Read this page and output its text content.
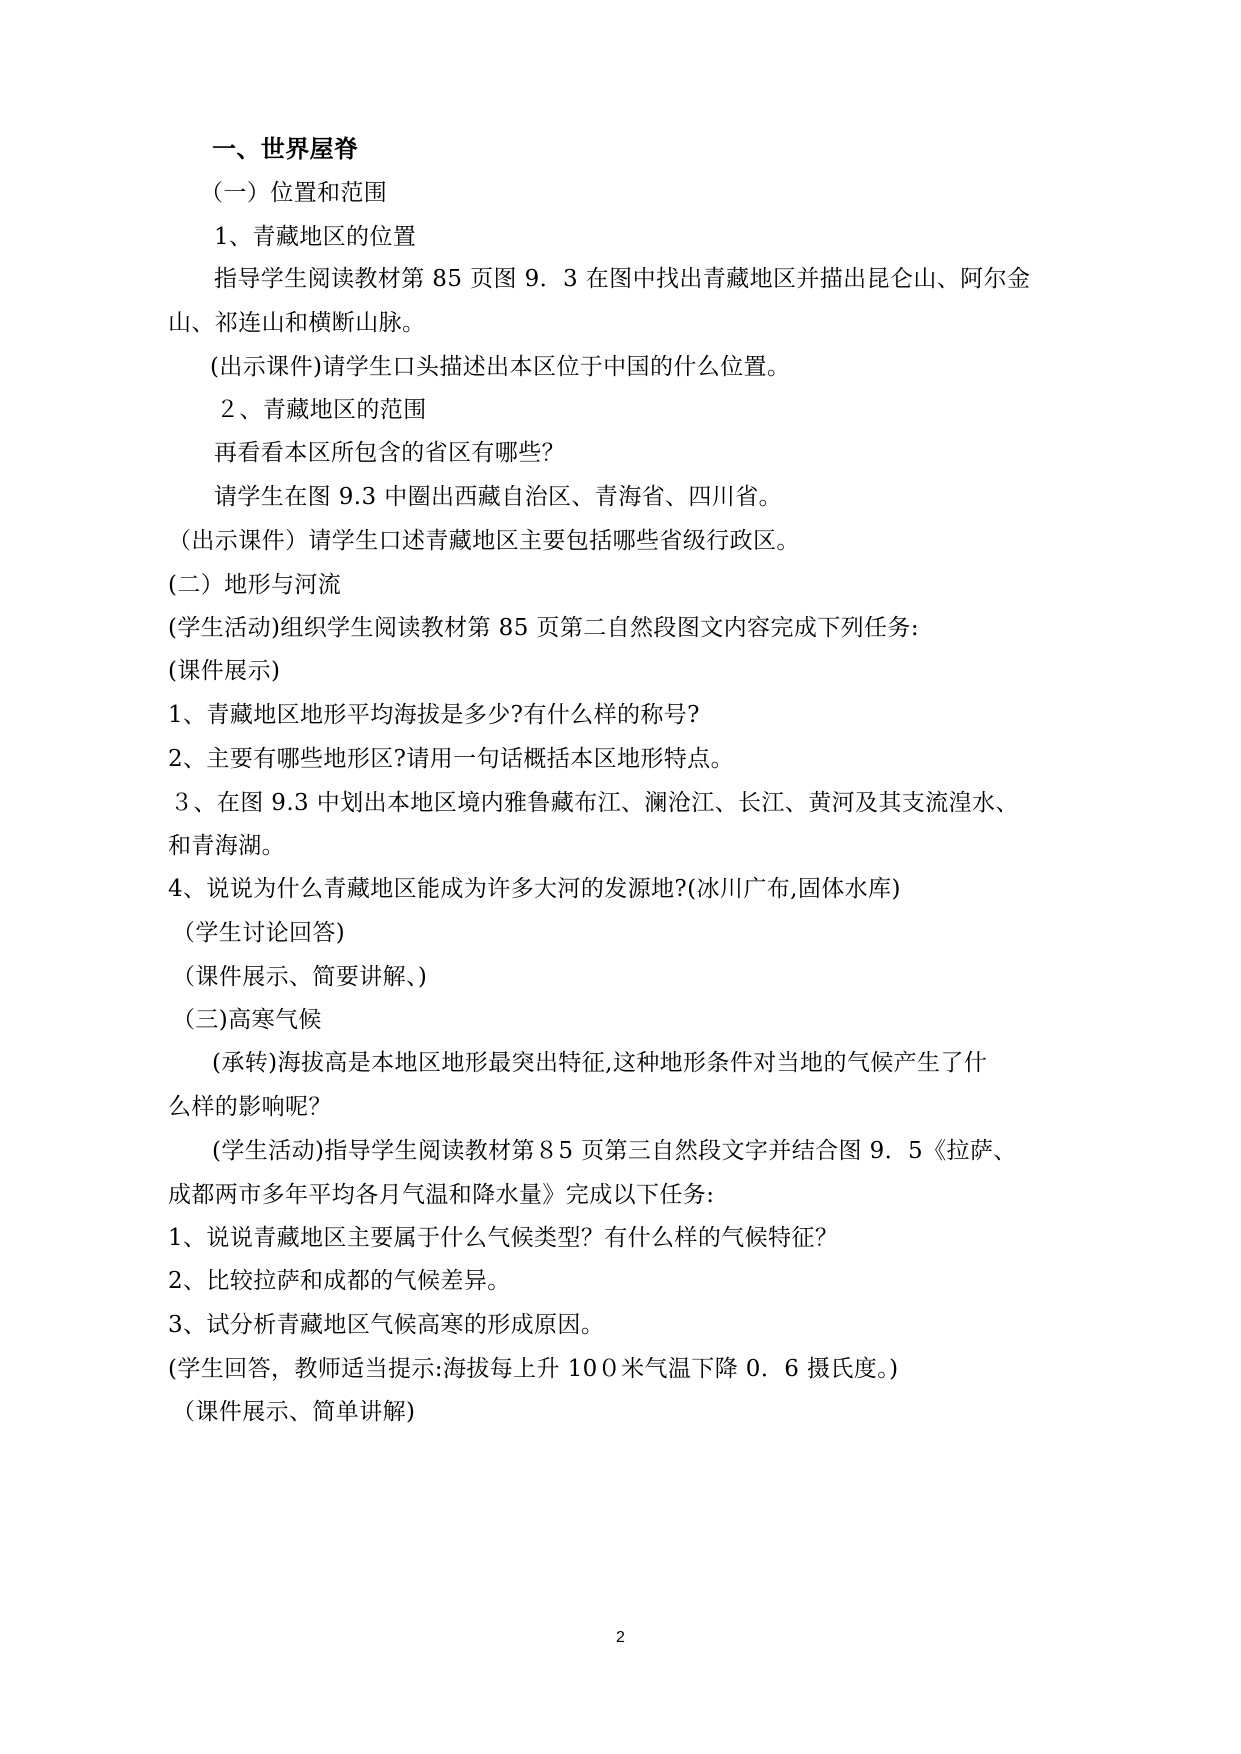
一、世界屋脊
（一）位置和范围
1、青藏地区的位置
指导学生阅读教材第 85 页图 9．3 在图中找出青藏地区并描出昆仑山、阿尔金
山、祁连山和横断山脉。
(出示课件)请学生口头描述出本区位于中国的什么位置。
２、青藏地区的范围
再看看本区所包含的省区有哪些？
请学生在图 9.3 中圈出西藏自治区、青海省、四川省。
（出示课件）请学生口述青藏地区主要包括哪些省级行政区。
(二）地形与河流
(学生活动)组织学生阅读教材第 85 页第二自然段图文内容完成下列任务:
(课件展示)
1、青藏地区地形平均海拔是多少?有什么样的称号?
2、主要有哪些地形区?请用一句话概括本区地形特点。
３、在图 9.3 中划出本地区境内雅鲁藏布江、澜沧江、长江、黄河及其支流湟水、
和青海湖。
4、说说为什么青藏地区能成为许多大河的发源地?(冰川广布,固体水库)
（学生讨论回答)
（课件展示、简要讲解、)
（三)高寒气候
(承转)海拔高是本地区地形最突出特征,这种地形条件对当地的气候产生了什
么样的影响呢？
(学生活动)指导学生阅读教材第８5 页第三自然段文字并结合图 9．5《拉萨、
成都两市多年平均各月气温和降水量》完成以下任务:
1、说说青藏地区主要属于什么气候类型？有什么样的气候特征？
2、比较拉萨和成都的气候差异。
3、试分析青藏地区气候高寒的形成原因。
(学生回答，教师适当提示:海拔每上升 10０米气温下降 0．6 摄氏度。)
（课件展示、简单讲解)
2
